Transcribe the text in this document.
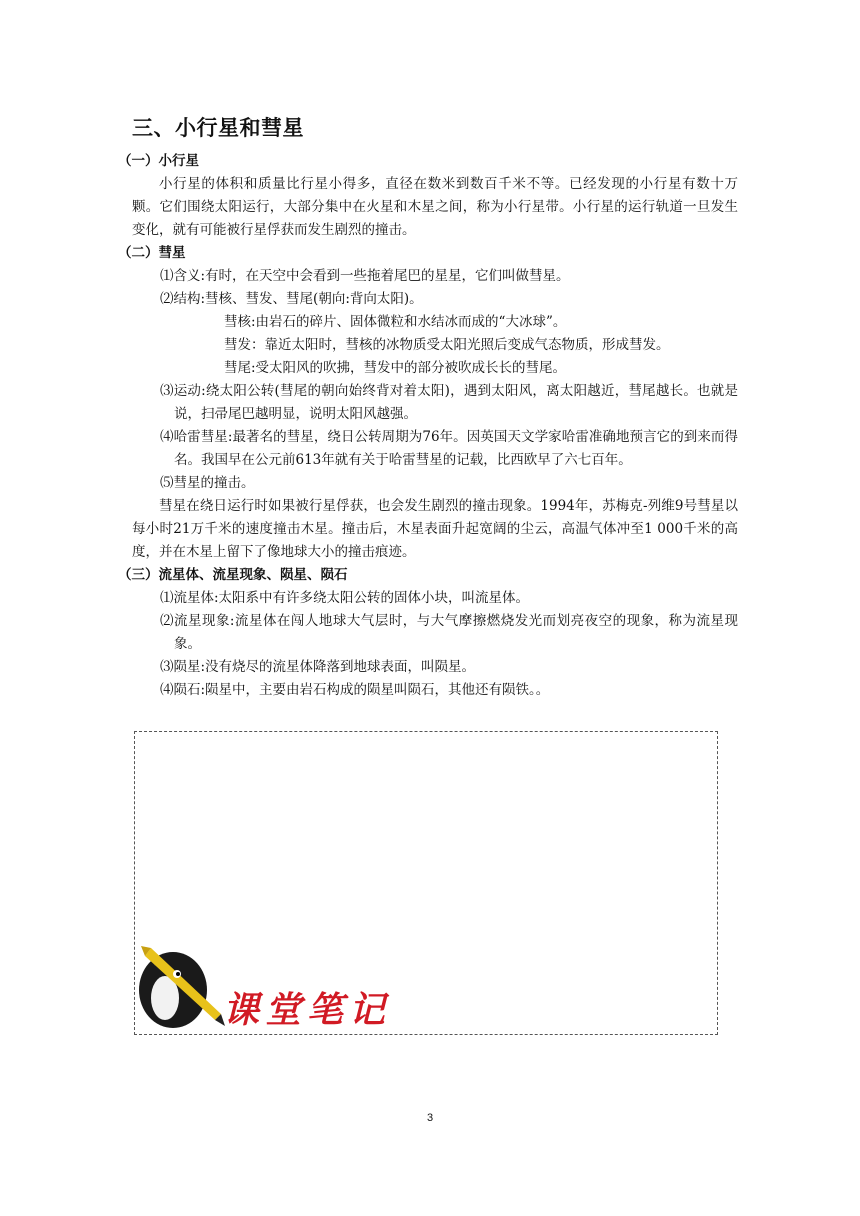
三、小行星和彗星

（一）小行星

小行星的体积和质量比行星小得多，直径在数米到数百千米不等。已经发现的小行星有数十万颗。它们围绕太阳运行，大部分集中在火星和木星之间，称为小行星带。小行星的运行轨道一旦发生变化，就有可能被行星俘获而发生剧烈的撞击。

（二）彗星

⑴含义:有时，在天空中会看到一些拖着尾巴的星星，它们叫做彗星。

⑵结构:彗核、彗发、彗尾(朝向:背向太阳)。

彗核:由岩石的碎片、固体微粒和水结冰而成的“大冰球”。

彗发：靠近太阳时，彗核的冰物质受太阳光照后变成气态物质，形成彗发。

彗尾:受太阳风的吹拂，彗发中的部分被吹成长长的彗尾。

⑶运动:绕太阳公转(彗尾的朝向始终背对着太阳)，遇到太阳风，离太阳越近，彗尾越长。也就是说，扫帚尾巴越明显，说明太阳风越强。

⑷哈雷彗星:最著名的彗星，绕日公转周期为76年。因英国天文学家哈雷准确地预言它的到来而得名。我国早在公元前613年就有关于哈雷彗星的记载，比西欧早了六七百年。

⑸彗星的撞击。

彗星在绕日运行时如果被行星俘获，也会发生剧烈的撞击现象。1994年，苏梅克-列维9号彗星以每小时21万千米的速度撞击木星。撞击后，木星表面升起宽阔的尘云，高温气体冲至1 000千米的高度，并在木星上留下了像地球大小的撞击痕迹。

（三）流星体、流星现象、陨星、陨石

⑴流星体:太阳系中有许多绕太阳公转的固体小块，叫流星体。

⑵流星现象:流星体在闯人地球大气层时，与大气摩擦燃烧发光而划亮夜空的现象，称为流星现象。

⑶陨星:没有烧尽的流星体降落到地球表面，叫陨星。

⑷陨石:陨星中，主要由岩石构成的陨星叫陨石，其他还有陨铁。。

课堂笔记

3
